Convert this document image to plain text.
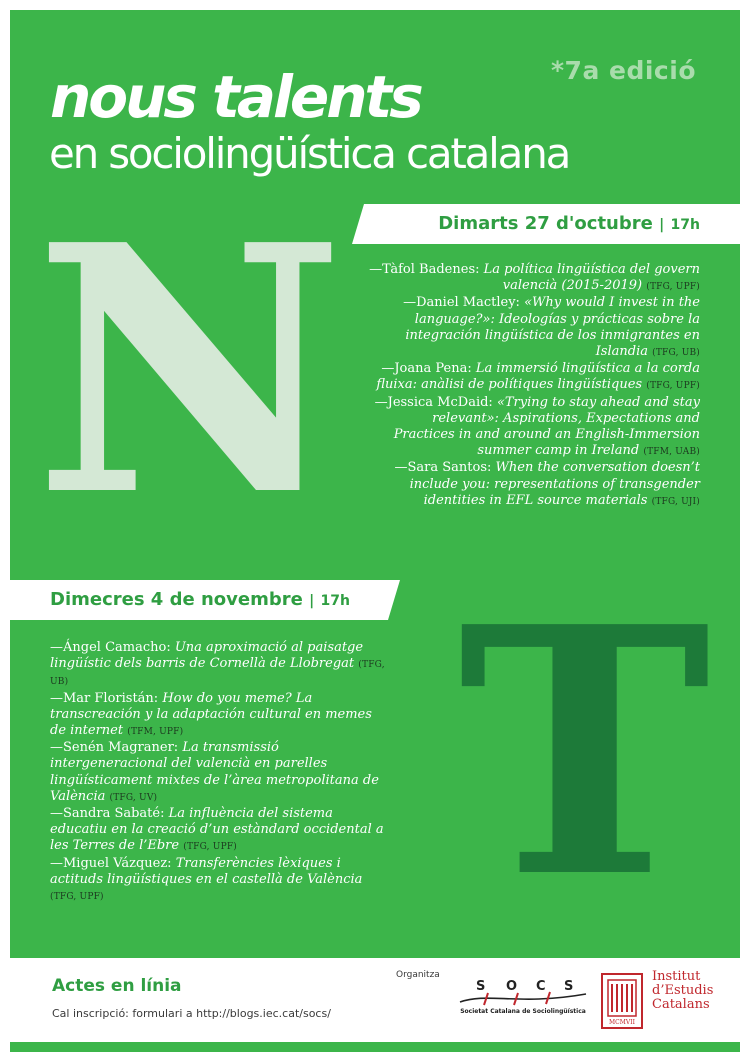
*7a edició
nous talents
en sociolingüística catalana
N
T
Dimarts 27 d'octubre | 17h

—Tàfol Badenes: La política lingüística del govern valencià (2015-2019) (TFG, UPF)

—Daniel Mactley: «Why would I invest in the language?»: Ideologías y prácticas sobre la integración lingüística de los inmigrantes en Islandia (TFG, UB)

—Joana Pena: La immersió lingüística a la corda fluixa: anàlisi de polítiques lingüístiques (TFG, UPF)

—Jessica McDaid: «Trying to stay ahead and stay relevant»: Aspirations, Expectations and Practices in and around an English-Immersion summer camp in Ireland (TFM, UAB)

—Sara Santos: When the conversation doesn’t include you: representations of transgender identities in EFL source materials (TFG, UJI)

Dimecres 4 de novembre | 17h

—Ángel Camacho: Una aproximació al paisatge lingüístic dels barris de Cornellà de Llobregat (TFG, UB)

—Mar Floristán: How do you meme? La transcreación y la adaptación cultural en memes de internet (TFM, UPF)

—Senén Magraner: La transmissió intergeneracional del valencià en parelles lingüísticament mixtes de l’àrea metropolitana de València (TFG, UV)

—Sandra Sabaté: La influència del sistema educatiu en la creació d’un estàndard occidental a les Terres de l’Ebre (TFG, UPF)

—Miguel Vázquez: Transferències lèxiques i actituds lingüístiques en el castellà de València (TFG, UPF)

Actes en línia
Cal inscripció: formulari a http://blogs.iec.cat/socs/
Organitza
S O C S
Societat Catalana de Sociolingüística
MCMVII
Institut
d’Estudis
Catalans
